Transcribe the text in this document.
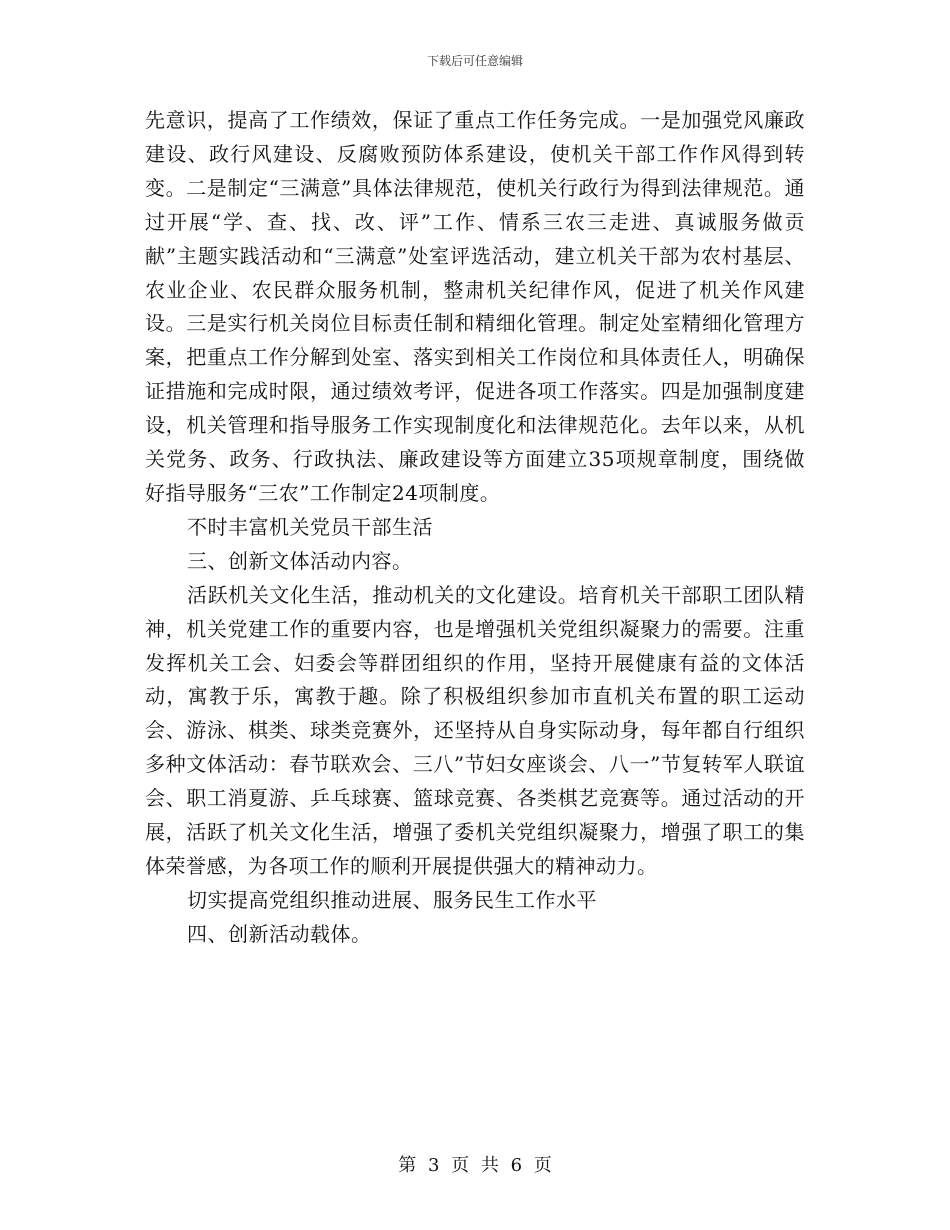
下载后可任意编辑

先意识，提高了工作绩效，保证了重点工作任务完成。一是加强党风廉政建设、政行风建设、反腐败预防体系建设，使机关干部工作作风得到转变。二是制定“三满意”具体法律规范，使机关行政行为得到法律规范。通过开展“学、查、找、改、评”工作、情系三农三走进、真诚服务做贡献”主题实践活动和“三满意”处室评选活动，建立机关干部为农村基层、农业企业、农民群众服务机制，整肃机关纪律作风，促进了机关作风建设。三是实行机关岗位目标责任制和精细化管理。制定处室精细化管理方案，把重点工作分解到处室、落实到相关工作岗位和具体责任人，明确保证措施和完成时限，通过绩效考评，促进各项工作落实。四是加强制度建设，机关管理和指导服务工作实现制度化和法律规范化。去年以来，从机关党务、政务、行政执法、廉政建设等方面建立35项规章制度，围绕做好指导服务“三农”工作制定24项制度。

不时丰富机关党员干部生活

三、创新文体活动内容。

活跃机关文化生活，推动机关的文化建设。培育机关干部职工团队精神，机关党建工作的重要内容，也是增强机关党组织凝聚力的需要。注重发挥机关工会、妇委会等群团组织的作用，坚持开展健康有益的文体活动，寓教于乐，寓教于趣。除了积极组织参加市直机关布置的职工运动会、游泳、棋类、球类竞赛外，还坚持从自身实际动身，每年都自行组织多种文体活动：春节联欢会、三八”节妇女座谈会、八一”节复转军人联谊会、职工消夏游、乒乓球赛、篮球竞赛、各类棋艺竞赛等。通过活动的开展，活跃了机关文化生活，增强了委机关党组织凝聚力，增强了职工的集体荣誉感，为各项工作的顺利开展提供强大的精神动力。

切实提高党组织推动进展、服务民生工作水平

四、创新活动载体。

第 3 页 共 6 页
